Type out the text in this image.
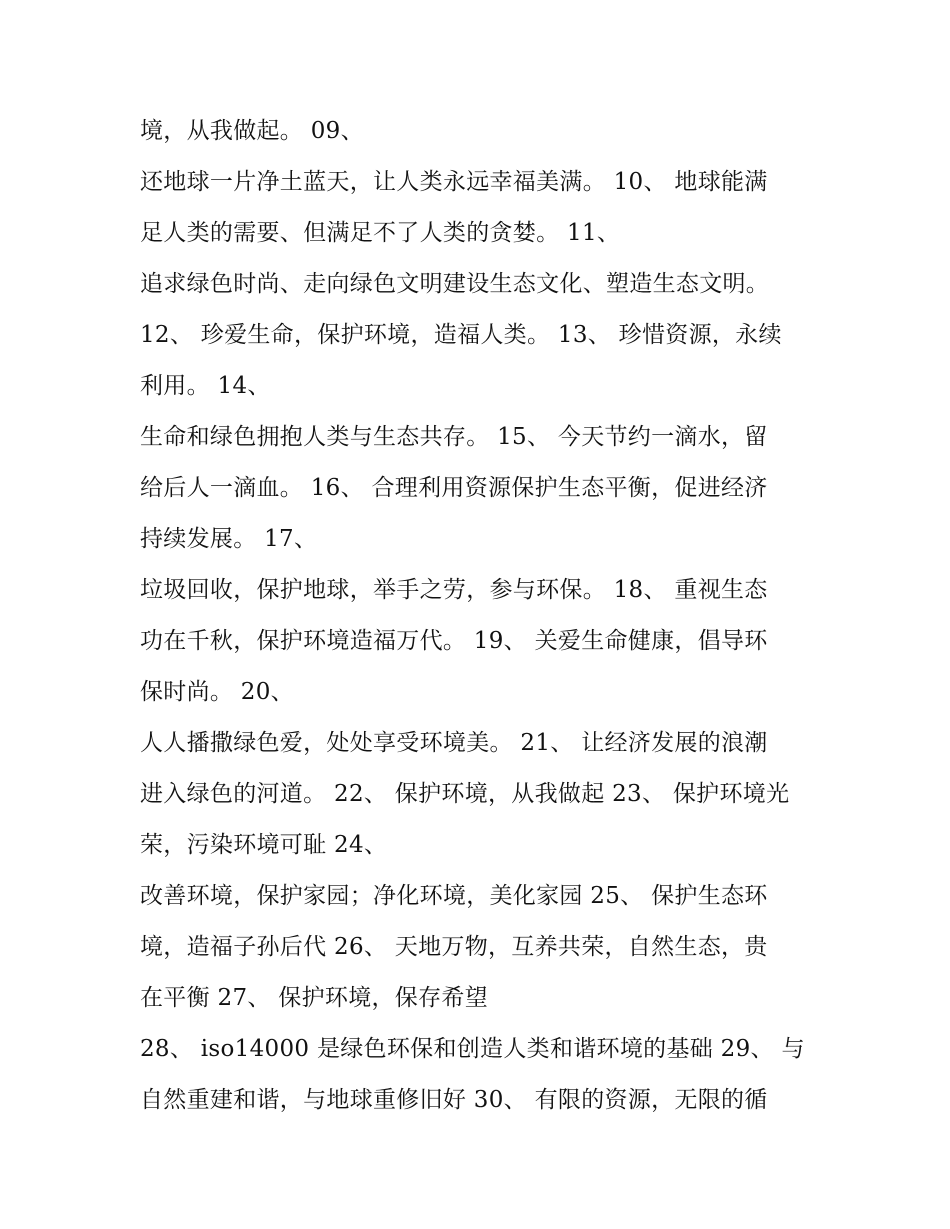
境，从我做起。 09、
还地球一片净土蓝天，让人类永远幸福美满。 10、 地球能满
足人类的需要、但满足不了人类的贪婪。 11、
追求绿色时尚、走向绿色文明建设生态文化、塑造生态文明。
12、 珍爱生命，保护环境，造福人类。 13、 珍惜资源，永续
利用。 14、
生命和绿色拥抱人类与生态共存。 15、 今天节约一滴水，留
给后人一滴血。 16、 合理利用资源保护生态平衡，促进经济
持续发展。 17、
垃圾回收，保护地球，举手之劳，参与环保。 18、 重视生态
功在千秋，保护环境造福万代。 19、 关爱生命健康，倡导环
保时尚。 20、
人人播撒绿色爱，处处享受环境美。 21、 让经济发展的浪潮
进入绿色的河道。 22、 保护环境，从我做起 23、 保护环境光
荣，污染环境可耻 24、
改善环境，保护家园；净化环境，美化家园 25、 保护生态环
境，造福子孙后代 26、 天地万物，互养共荣，自然生态，贵
在平衡 27、 保护环境，保存希望
28、 iso14000 是绿色环保和创造人类和谐环境的基础 29、 与
自然重建和谐，与地球重修旧好 30、 有限的资源，无限的循
